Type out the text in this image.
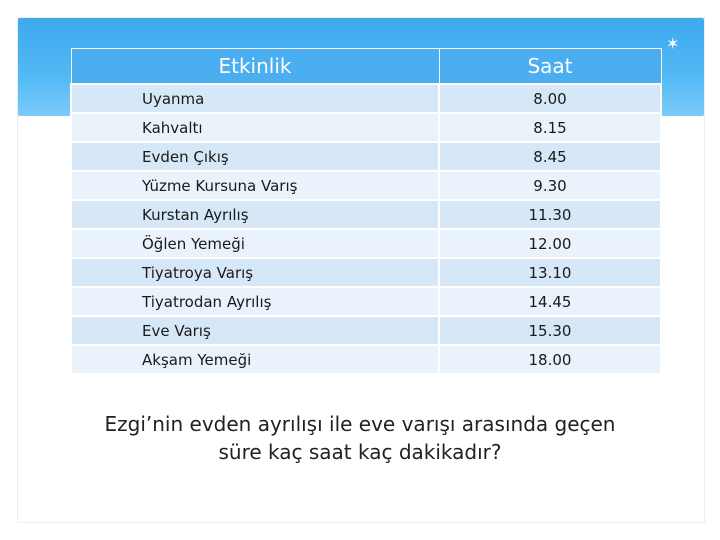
✶
Etkinlik	Saat
Uyanma	8.00
Kahvaltı	8.15
Evden Çıkış	8.45
Yüzme Kursuna Varış	9.30
Kurstan Ayrılış	11.30
Öğlen Yemeği	12.00
Tiyatroya Varış	13.10
Tiyatrodan Ayrılış	14.45
Eve Varış	15.30
Akşam Yemeği	18.00
Ezgi’nin evden ayrılışı ile eve varışı arasında geçen
süre kaç saat kaç dakikadır?
